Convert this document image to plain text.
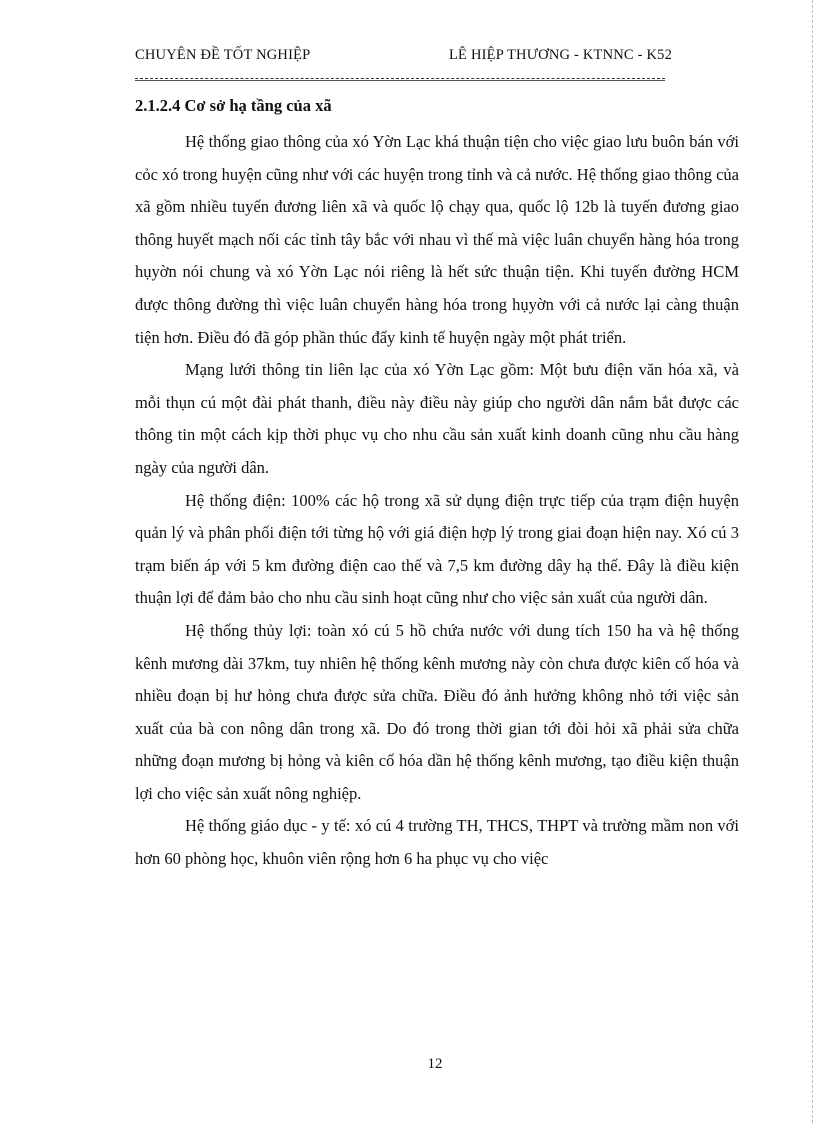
CHUYÊN ĐỀ TỐT NGHIỆP	LÊ HIỆP THƯƠNG - KTNNC - K52
2.1.2.4 Cơ sở hạ tầng của xã

Hệ thống giao thông của xó Yờn Lạc khá thuận tiện cho việc giao lưu buôn bán với cỏc xó trong huyện cũng như với các huyện trong tỉnh và cả nước. Hệ thống giao thông của xã gồm nhiều tuyến đương liên xã và quốc lộ chạy qua, quốc lộ 12b là tuyến đương giao thông huyết mạch nối các tỉnh tây bắc với nhau vì thế mà việc luân chuyển hàng hóa trong hụyờn nói chung và xó Yờn Lạc nói riêng là hết sức thuận tiện. Khi tuyến đường HCM được thông đường thì việc luân chuyển hàng hóa trong hụyờn với cả nước lại càng thuận tiện hơn. Điều đó đã góp phần thúc đẩy kinh tế huyện ngày một phát triển.

Mạng lưới thông tin liên lạc của xó Yờn Lạc gồm: Một bưu điện văn hóa xã, và mỗi thụn cú một đài phát thanh, điều này điều này giúp cho người dân nắm bắt được các thông tin một cách kịp thời phục vụ cho nhu cầu sản xuất kinh doanh cũng nhu cầu hàng ngày của người dân.

Hệ thống điện: 100% các hộ trong xã sử dụng điện trực tiếp của trạm điện huyện quản lý và phân phối điện tới từng hộ với giá điện hợp lý trong giai đoạn hiện nay. Xó cú 3 trạm biến áp với 5 km đường điện cao thế và 7,5 km đường dây hạ thế. Đây là điều kiện thuận lợi để đảm bảo cho nhu cầu sinh hoạt cũng như cho việc sản xuất của người dân.

Hệ thống thủy lợi: toàn xó cú 5 hồ chứa nước với dung tích 150 ha và hệ thống kênh mương dài 37km, tuy nhiên hệ thống kênh mương này còn chưa được kiên cố hóa và nhiều đoạn bị hư hỏng chưa được sửa chữa. Điều đó ảnh hưởng không nhỏ tới việc sản xuất của bà con nông dân trong xã. Do đó trong thời gian tới đòi hỏi xã phải sửa chữa những đoạn mương bị hỏng và kiên cố hóa dần hệ thống kênh mương, tạo điều kiện thuận lợi cho việc sản xuất nông nghiệp.

Hệ thống giáo dục - y tế: xó cú 4 trường TH, THCS, THPT và trường mầm non với hơn 60 phòng học, khuôn viên rộng hơn 6 ha phục vụ cho việc

12
